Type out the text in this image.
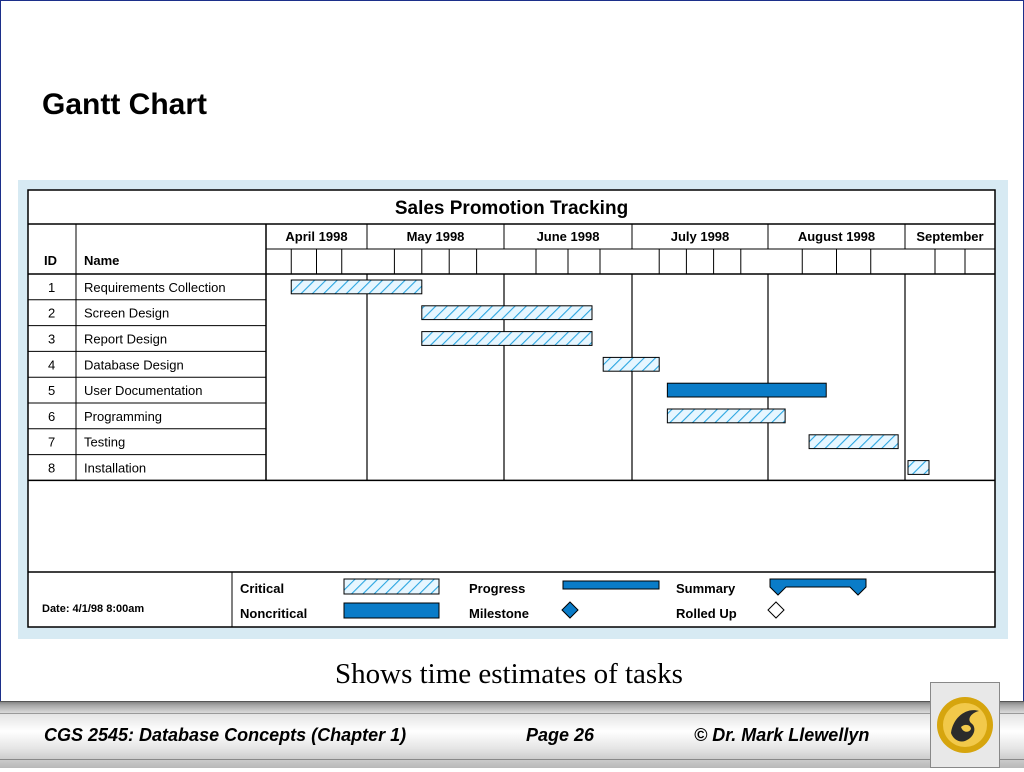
Gantt Chart
Sales Promotion Tracking
ID Name
April 1998	May 1998	June 1998	July 1998	August 1998	September
1 Requirements Collection
2 Screen Design
3 Report Design
4 Database Design
5 User Documentation
6 Programming
7 Testing
8 Installation
Date: 4/1/98 8:00am
Critical
Noncritical
Progress
Milestone
Summary
Rolled Up
Shows time estimates of tasks
CGS 2545: Database Concepts (Chapter 1)	Page 26	© Dr. Mark Llewellyn
